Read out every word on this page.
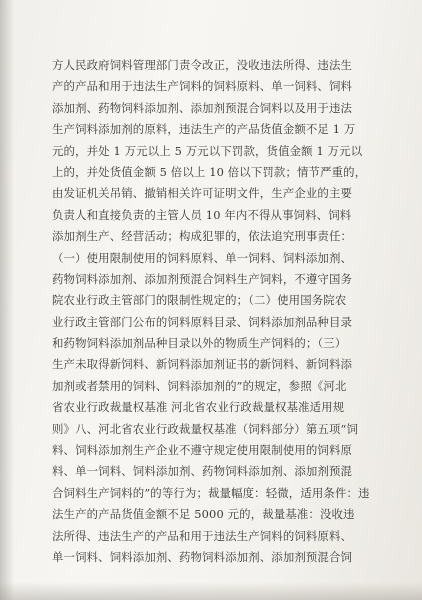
方人民政府饲料管理部门责令改正，没收违法所得、违法生
产的产品和用于违法生产饲料的饲料原料、单一饲料、饲料
添加剂、药物饲料添加剂、添加剂预混合饲料以及用于违法
生产饲料添加剂的原料，违法生产的产品货值金额不足 1 万
元的，并处 1 万元以上 5 万元以下罚款，货值金额 1 万元以
上的，并处货值金额 5 倍以上 10 倍以下罚款；情节严重的，
由发证机关吊销、撤销相关许可证明文件，生产企业的主要
负责人和直接负责的主管人员 10 年内不得从事饲料、饲料
添加剂生产、经营活动；构成犯罪的，依法追究刑事责任：
（一）使用限制使用的饲料原料、单一饲料、饲料添加剂、
药物饲料添加剂、添加剂预混合饲料生产饲料，不遵守国务
院农业行政主管部门的限制性规定的；（二）使用国务院农
业行政主管部门公布的饲料原料目录、饲料添加剂品种目录
和药物饲料添加剂品种目录以外的物质生产饲料的；（三）
生产未取得新饲料、新饲料添加剂证书的新饲料、新饲料添
加剂或者禁用的饲料、饲料添加剂的”的规定，参照《河北
省农业行政裁量权基准 河北省农业行政裁量权基准适用规
则》八、河北省农业行政裁量权基准（饲料部分）第五项“饲
料、饲料添加剂生产企业不遵守规定使用限制使用的饲料原
料、单一饲料、饲料添加剂、药物饲料添加剂、添加剂预混
合饲料生产饲料的”的等行为；裁量幅度：轻微，适用条件：违
法生产的产品货值金额不足 5000 元的，裁量基准：没收违
法所得、违法生产的产品和用于违法生产饲料的饲料原料、
单一饲料、饲料添加剂、药物饲料添加剂、添加剂预混合饲
